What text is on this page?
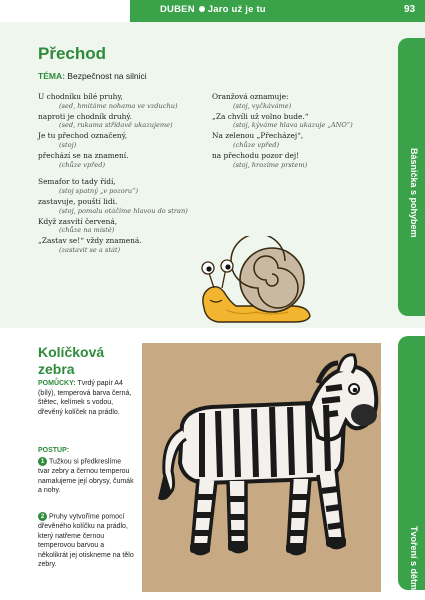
DUBEN Jaro už je tu	93
Básnička s pohybem
Přechod
TÉMA: Bezpečnost na silnici
U chodníku bílé pruhy,
(sed, hmitáme nohama ve vzduchu)
naproti je chodník druhý.
(sed, rukama střídavě ukazujeme)
Je tu přechod označený,
(stoj)
přechází se na znamení.
(chůze vpřed)
Semafor to tady řídí,
(stoj spatný „v pozoru“)
zastavuje, pouští lidi.
(stoj, pomalu otáčíme hlavou do stran)
Když zasvítí červená,
(chůze na místě)
„Zastav se!“ vždy znamená.
(zastavit se a stát)
Oranžová oznamuje:
(stoj, vyčkáváme)
„Za chvíli už volno bude.“
(stoj, kýváme hlava ukazuje „ANO“)
Na zelenou „Přecházej“,
(chůze vpřed)
na přechodu pozor dej!
(stoj, hrozíme prstem)
Tvoření s dětmi
Kolíčková
zebra
POMŮCKY: Tvrdý papír A4 (bílý), temperová barva černá, štětec, kelímek s vodou, dřevěný kolíček na prádlo.
POSTUP:
1 Tužkou si předkreslíme tvar zebry a černou temperou namalujeme její obrysy, čumák a nohy.
2 Pruhy vytvoříme pomocí dřevěného kolíčku na prádlo, který natřeme černou temperovou barvou a několikrát jej otiskneme na tělo zebry.
